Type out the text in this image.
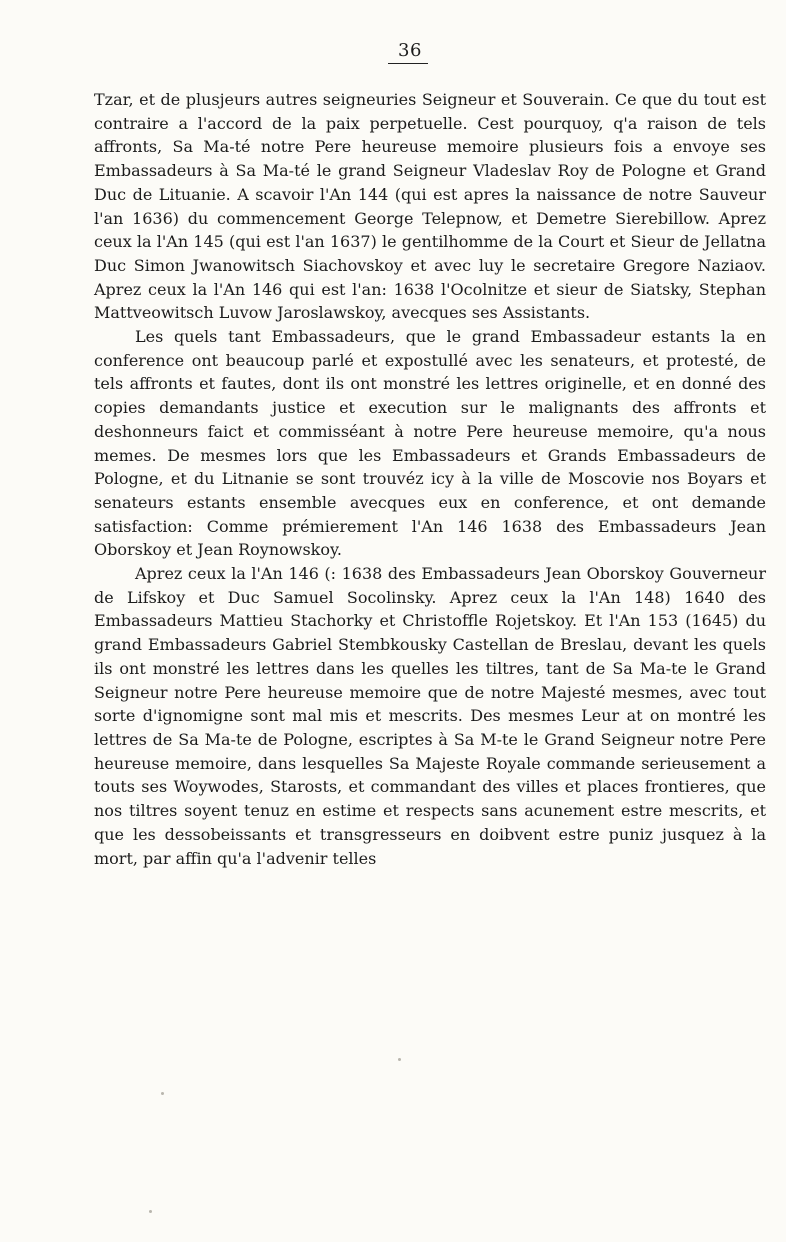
36

Tzar, et de plusjeurs autres seigneuries Seigneur et Souverain. Ce que du tout est contraire a l'accord de la paix perpetuelle. Cest pourquoy, q'a raison de tels affronts, Sa Ma-té notre Pere heureuse memoire plusieurs fois a envoye ses Embassadeurs à Sa Ma-té le grand Seigneur Vladeslav Roy de Pologne et Grand Duc de Lituanie. A scavoir l'An 144 (qui est apres la naissance de notre Sauveur l'an 1636) du commencement George Telepnow, et Demetre Sierebillow. Aprez ceux la l'An 145 (qui est l'an 1637) le gentilhomme de la Court et Sieur de Jellatna Duc Simon Jwanowitsch Siachovskoy et avec luy le secretaire Gregore Naziaov. Aprez ceux la l'An 146 qui est l'an: 1638 l'Ocolnitze et sieur de Siatsky, Stephan Mattveowitsch Luvow Jaroslawskoy, avecques ses Assistants.

Les quels tant Embassadeurs, que le grand Embassadeur estants la en conference ont beaucoup parlé et expostullé avec les senateurs, et protesté, de tels affronts et fautes, dont ils ont monstré les lettres originelle, et en donné des copies demandants justice et execution sur le malignants des affronts et deshonneurs faict et commisséant à notre Pere heureuse memoire, qu'a nous memes. De mesmes lors que les Embassadeurs et Grands Embassadeurs de Pologne, et du Litnanie se sont trouvéz icy à la ville de Moscovie nos Boyars et senateurs estants ensemble avecques eux en conference, et ont demande satisfaction: Comme prémierement l'An 146 1638 des Embassadeurs Jean Oborskoy et Jean Roynowskoy.

Aprez ceux la l'An 146 (: 1638 des Embassadeurs Jean Oborskoy Gouverneur de Lifskoy et Duc Samuel Socolinsky. Aprez ceux la l'An 148) 1640 des Embassadeurs Mattieu Stachorky et Christoffle Rojetskoy. Et l'An 153 (1645) du grand Embassadeurs Gabriel Stembkousky Castellan de Breslau, devant les quels ils ont monstré les lettres dans les quelles les tiltres, tant de Sa Ma-te le Grand Seigneur notre Pere heureuse memoire que de notre Majesté mesmes, avec tout sorte d'ignomigne sont mal mis et mescrits. Des mesmes Leur at on montré les lettres de Sa Ma-te de Pologne, escriptes à Sa M-te le Grand Seigneur notre Pere heureuse memoire, dans lesquelles Sa Majeste Royale commande serieusement a touts ses Woywodes, Starosts, et commandant des villes et places frontieres, que nos tiltres soyent tenuz en estime et respects sans acunement estre mescrits, et que les dessobeissants et transgresseurs en doibvent estre puniz jusquez à la mort, par affin qu'a l'advenir telles
